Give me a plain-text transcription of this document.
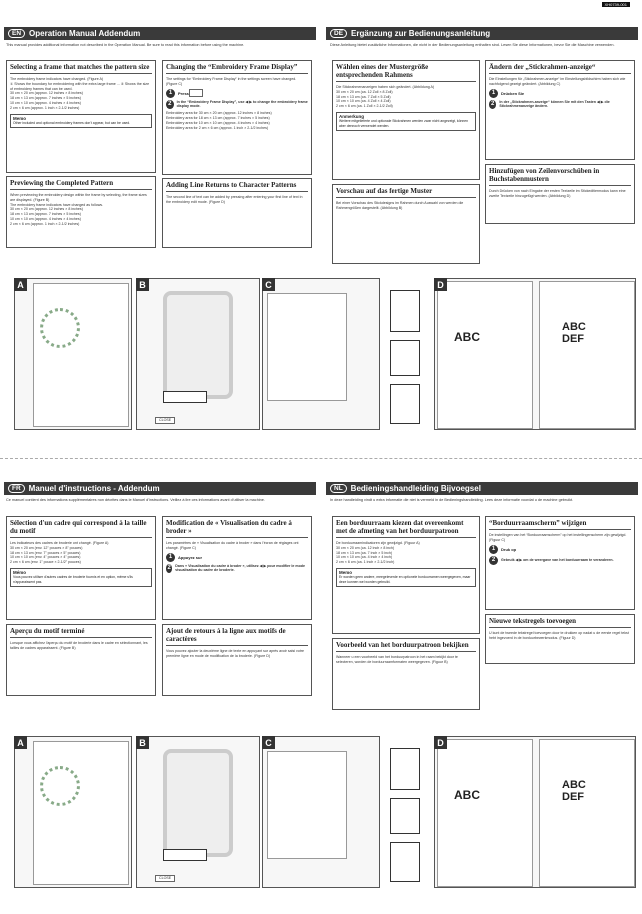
XH0739-001
EN	Operation Manual Addendum
This manual provides additional information not described in the Operation Manual. Be sure to read this information before using the machine.
Selecting a frame that matches the pattern size
The embroidery frame indicators have changed. (Figure A)
① Shows the boundary for embroidering with the extra large frame ... ② Shows the size of embroidery frames that can be used.
30 cm × 20 cm (approx. 12 inches × 8 inches)
18 cm × 13 cm (approx. 7 inches × 5 inches)
10 cm × 10 cm (approx. 4 inches × 4 inches)
2 cm × 6 cm (approx. 1 inch × 2-1/2 inches)
Memo
Other included and optional embroidery frames don't appear, but can be used.
Previewing the Completed Pattern
When previewing the embroidery design within the frame by selecting, the frame sizes are displayed. (Figure B)
The embroidery frame indicators have changed as follows.
30 cm × 20 cm (approx. 12 inches × 8 inches)
18 cm × 13 cm (approx. 7 inches × 5 inches)
10 cm × 10 cm (approx. 4 inches × 4 inches)
2 cm × 6 cm (approx. 1 inch × 2-1/2 inches)
Changing the “Embroidery Frame Display”
The settings for “Embroidery Frame Display” in the settings screen have changed. (Figure C)
1	Press
2	In the “Embroidery Frame Display”, use ◀ ▶ to change the embroidery frame display mode.
Embroidery area for 30 cm × 20 cm (approx. 12 inches × 8 inches)
Embroidery area for 18 cm × 13 cm (approx. 7 inches × 5 inches)
Embroidery area for 10 cm × 10 cm (approx. 4 inches × 4 inches)
Embroidery area for 2 cm × 6 cm (approx. 1 inch × 2-1/2 inches)
Adding Line Returns to Character Patterns
The second line of text can be added by pressing after entering your first line of text in the embroidery edit mode. (Figure D)
DE	Ergänzung zur Bedienungsanleitung
Diese Anleitung bietet zusätzliche Informationen, die nicht in der Bedienungsanleitung enthalten sind. Lesen Sie diese Informationen, bevor Sie die Maschine verwenden.
Wählen eines der Mustergröße entsprechenden Rahmens
Die Stickrahmenanzeigen haben sich geändert. (Abbildung A)
30 cm × 20 cm (ca. 12 Zoll × 8 Zoll)
18 cm × 13 cm (ca. 7 Zoll × 5 Zoll)
10 cm × 10 cm (ca. 4 Zoll × 4 Zoll)
2 cm × 6 cm (ca. 1 Zoll × 2-1/2 Zoll)
Anmerkung
Weitere mitgelieferte und optionale Stickrahmen werden zwar nicht angezeigt, können aber dennoch verwendet werden.
Vorschau auf das fertige Muster
Bei einer Vorschau des Stickdesigns im Rahmen durch Auswahl von werden die Rahmengrößen dargestellt. (Abbildung B)
Ändern der „Stickrahmen-anzeige“
Die Einstellungen für „Stickrahmen-anzeige“ im Einstellungsbildschirm haben sich wie nachfolgend gezeigt geändert. (Abbildung C)
1	Drücken Sie
2	In der „Stickrahmen-anzeige“ können Sie mit den Tasten ◀ ▶ die Stickrahmenanzeige ändern.
Hinzufügen von Zeilenvorschüben in Buchstabenmustern
Durch Drücken von nach Eingabe der ersten Textzeile im Stickeditiermodus kann eine zweite Textzeile hinzugefügt werden. (Abbildung D)
A
CLOSE
B	C
ABC
ABC
DEF
D
FR	Manuel d'instructions - Addendum
Ce manuel contient des informations supplémentaires non décrites dans le Manuel d'instructions. Veillez à lire ces informations avant d'utiliser la machine.
Sélection d'un cadre qui correspond à la taille du motif
Les indicateurs des cadres de broderie ont changé. (Figure A)
30 cm × 20 cm (env. 12" pouces × 8" pouces)
18 cm × 13 cm (env. 7" pouces × 5" pouces)
10 cm × 10 cm (env. 4" pouces × 4" pouces)
2 cm × 6 cm (env. 1" pouce × 2-1/2" pouces)
Mémo
Vous pouvez utiliser d'autres cadres de broderie fournis et en option, même s'ils n'apparaissent pas.
Aperçu du motif terminé
Lorsque vous affichez l'aperçu du motif de broderie dans le cadre en sélectionnant, les tailles de cadres apparaissent. (Figure B)
Modification de « Visualisation du cadre à broder »
Les paramètres de « Visualisation du cadre à broder » dans l'écran de réglages ont changé. (Figure C)
1	Appuyez sur
2	Dans « Visualisation du cadre à broder », utilisez ◀ ▶ pour modifier le mode visualisation du cadre de broderie.
Ajout de retours à la ligne aux motifs de caractères
Vous pouvez ajouter la deuxième ligne de texte en appuyant sur après avoir saisi votre première ligne en mode de modification de la broderie. (Figure D)
NL	Bedieningshandleiding Bijvoegsel
In deze handleiding vindt u extra informatie die niet is vermeld in de Bedieningshandleiding. Lees deze informatie voordat u de machine gebruikt.
Een borduurraam kiezen dat overeenkomt met de afmeting van het borduurpatroon
De borduurraamindicatoren zijn gewijzigd. (Figuur A)
30 cm × 20 cm (ca. 12 inch × 8 inch)
18 cm × 13 cm (ca. 7 inch × 5 inch)
10 cm × 10 cm (ca. 4 inch × 4 inch)
2 cm × 6 cm (ca. 1 inch × 2-1/2 inch)
Memo
Er worden geen andere, meegeleverde en optionele borduurramen weergegeven, maar deze kunnen wel worden gebruikt.
Voorbeeld van het borduurpatroon bekijken
Wanneer u een voorbeeld van het borduurpatroon in het raam bekijkt door te selecteren, worden de borduurraamformaten weergegeven. (Figuur B)
“Borduurraamscherm” wijzigen
De instellingen van het “Borduurraamscherm” op het instellingenscherm zijn gewijzigd. (Figuur C)
1	Druk op
2	Gebruik ◀ ▶ om de weergave van het borduurraam te veranderen.
Nieuwe tekstregels toevoegen
U kunt de tweede tekstregel toevoegen door te drukken op nadat u de eerste regel tekst hebt ingevoerd in de borduurbewerkmodus. (Figuur D)
A
CLOSE
B	C
ABC
ABC
DEF
D
